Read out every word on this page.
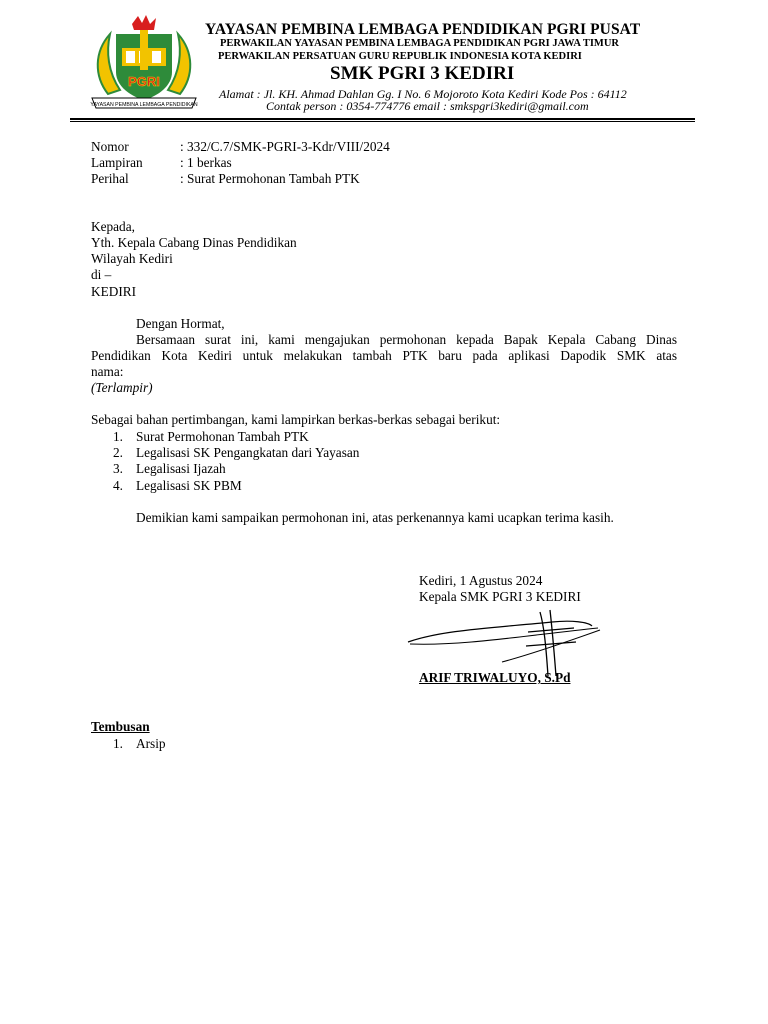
PGRI
YAYASAN PEMBINA LEMBAGA PENDIDIKAN
YAYASAN PEMBINA LEMBAGA PENDIDIKAN PGRI PUSAT
PERWAKILAN YAYASAN PEMBINA LEMBAGA PENDIDIKAN PGRI JAWA TIMUR
PERWAKILAN PERSATUAN GURU REPUBLIK INDONESIA KOTA KEDIRI
SMK PGRI 3 KEDIRI
Alamat : Jl. KH. Ahmad Dahlan Gg. I No. 6 Mojoroto Kota Kediri Kode Pos : 64112
Contak person : 0354-774776 email : smkspgri3kediri@gmail.com
Nomor	: 332/C.7/SMK-PGRI-3-Kdr/VIII/2024
Lampiran	: 1 berkas
Perihal	: Surat Permohonan Tambah PTK
Kepada,
Yth. Kepala Cabang Dinas Pendidikan
Wilayah Kediri
di –
KEDIRI
Dengan Hormat,
Bersamaan surat ini, kami mengajukan permohonan kepada Bapak Kepala Cabang Dinas
Pendidikan Kota Kediri untuk melakukan tambah PTK baru pada aplikasi Dapodik SMK atas
nama:
(Terlampir)
Sebagai bahan pertimbangan, kami lampirkan berkas-berkas sebagai berikut:
1. Surat Permohonan Tambah PTK
2. Legalisasi SK Pengangkatan dari Yayasan
3. Legalisasi Ijazah
4. Legalisasi SK PBM
Demikian kami sampaikan permohonan ini, atas perkenannya kami ucapkan terima kasih.
Kediri, 1 Agustus 2024
Kepala SMK PGRI 3 KEDIRI
ARIF TRIWALUYO, S.Pd
Tembusan
1. Arsip
